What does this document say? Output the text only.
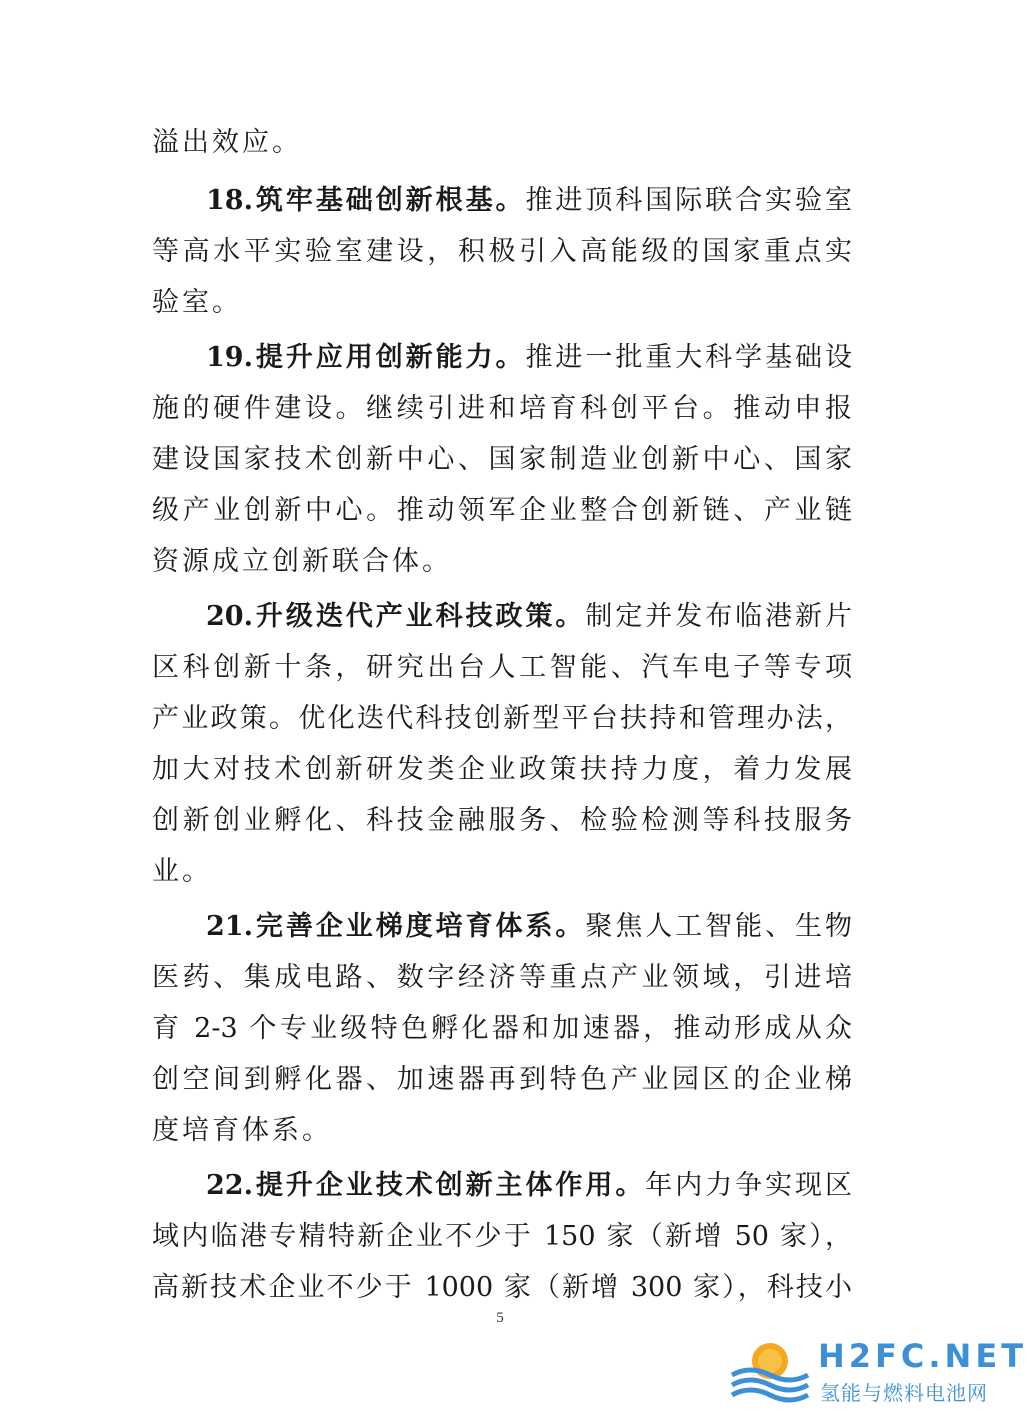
溢出效应。
18.筑牢基础创新根基。推进顶科国际联合实验室
等高水平实验室建设，积极引入高能级的国家重点实
验室。
19.提升应用创新能力。推进一批重大科学基础设
施的硬件建设。继续引进和培育科创平台。推动申报
建设国家技术创新中心、国家制造业创新中心、国家
级产业创新中心。推动领军企业整合创新链、产业链
资源成立创新联合体。
20.升级迭代产业科技政策。制定并发布临港新片
区科创新十条，研究出台人工智能、汽车电子等专项
产业政策。优化迭代科技创新型平台扶持和管理办法，
加大对技术创新研发类企业政策扶持力度，着力发展
创新创业孵化、科技金融服务、检验检测等科技服务
业。
21.完善企业梯度培育体系。聚焦人工智能、生物
医药、集成电路、数字经济等重点产业领域，引进培
育 2-3 个专业级特色孵化器和加速器，推动形成从众
创空间到孵化器、加速器再到特色产业园区的企业梯
度培育体系。
22.提升企业技术创新主体作用。年内力争实现区
域内临港专精特新企业不少于 150 家（新增 50 家），
高新技术企业不少于 1000 家（新增 300 家），科技小
5
H2FC.NET
氢能与燃料电池网
